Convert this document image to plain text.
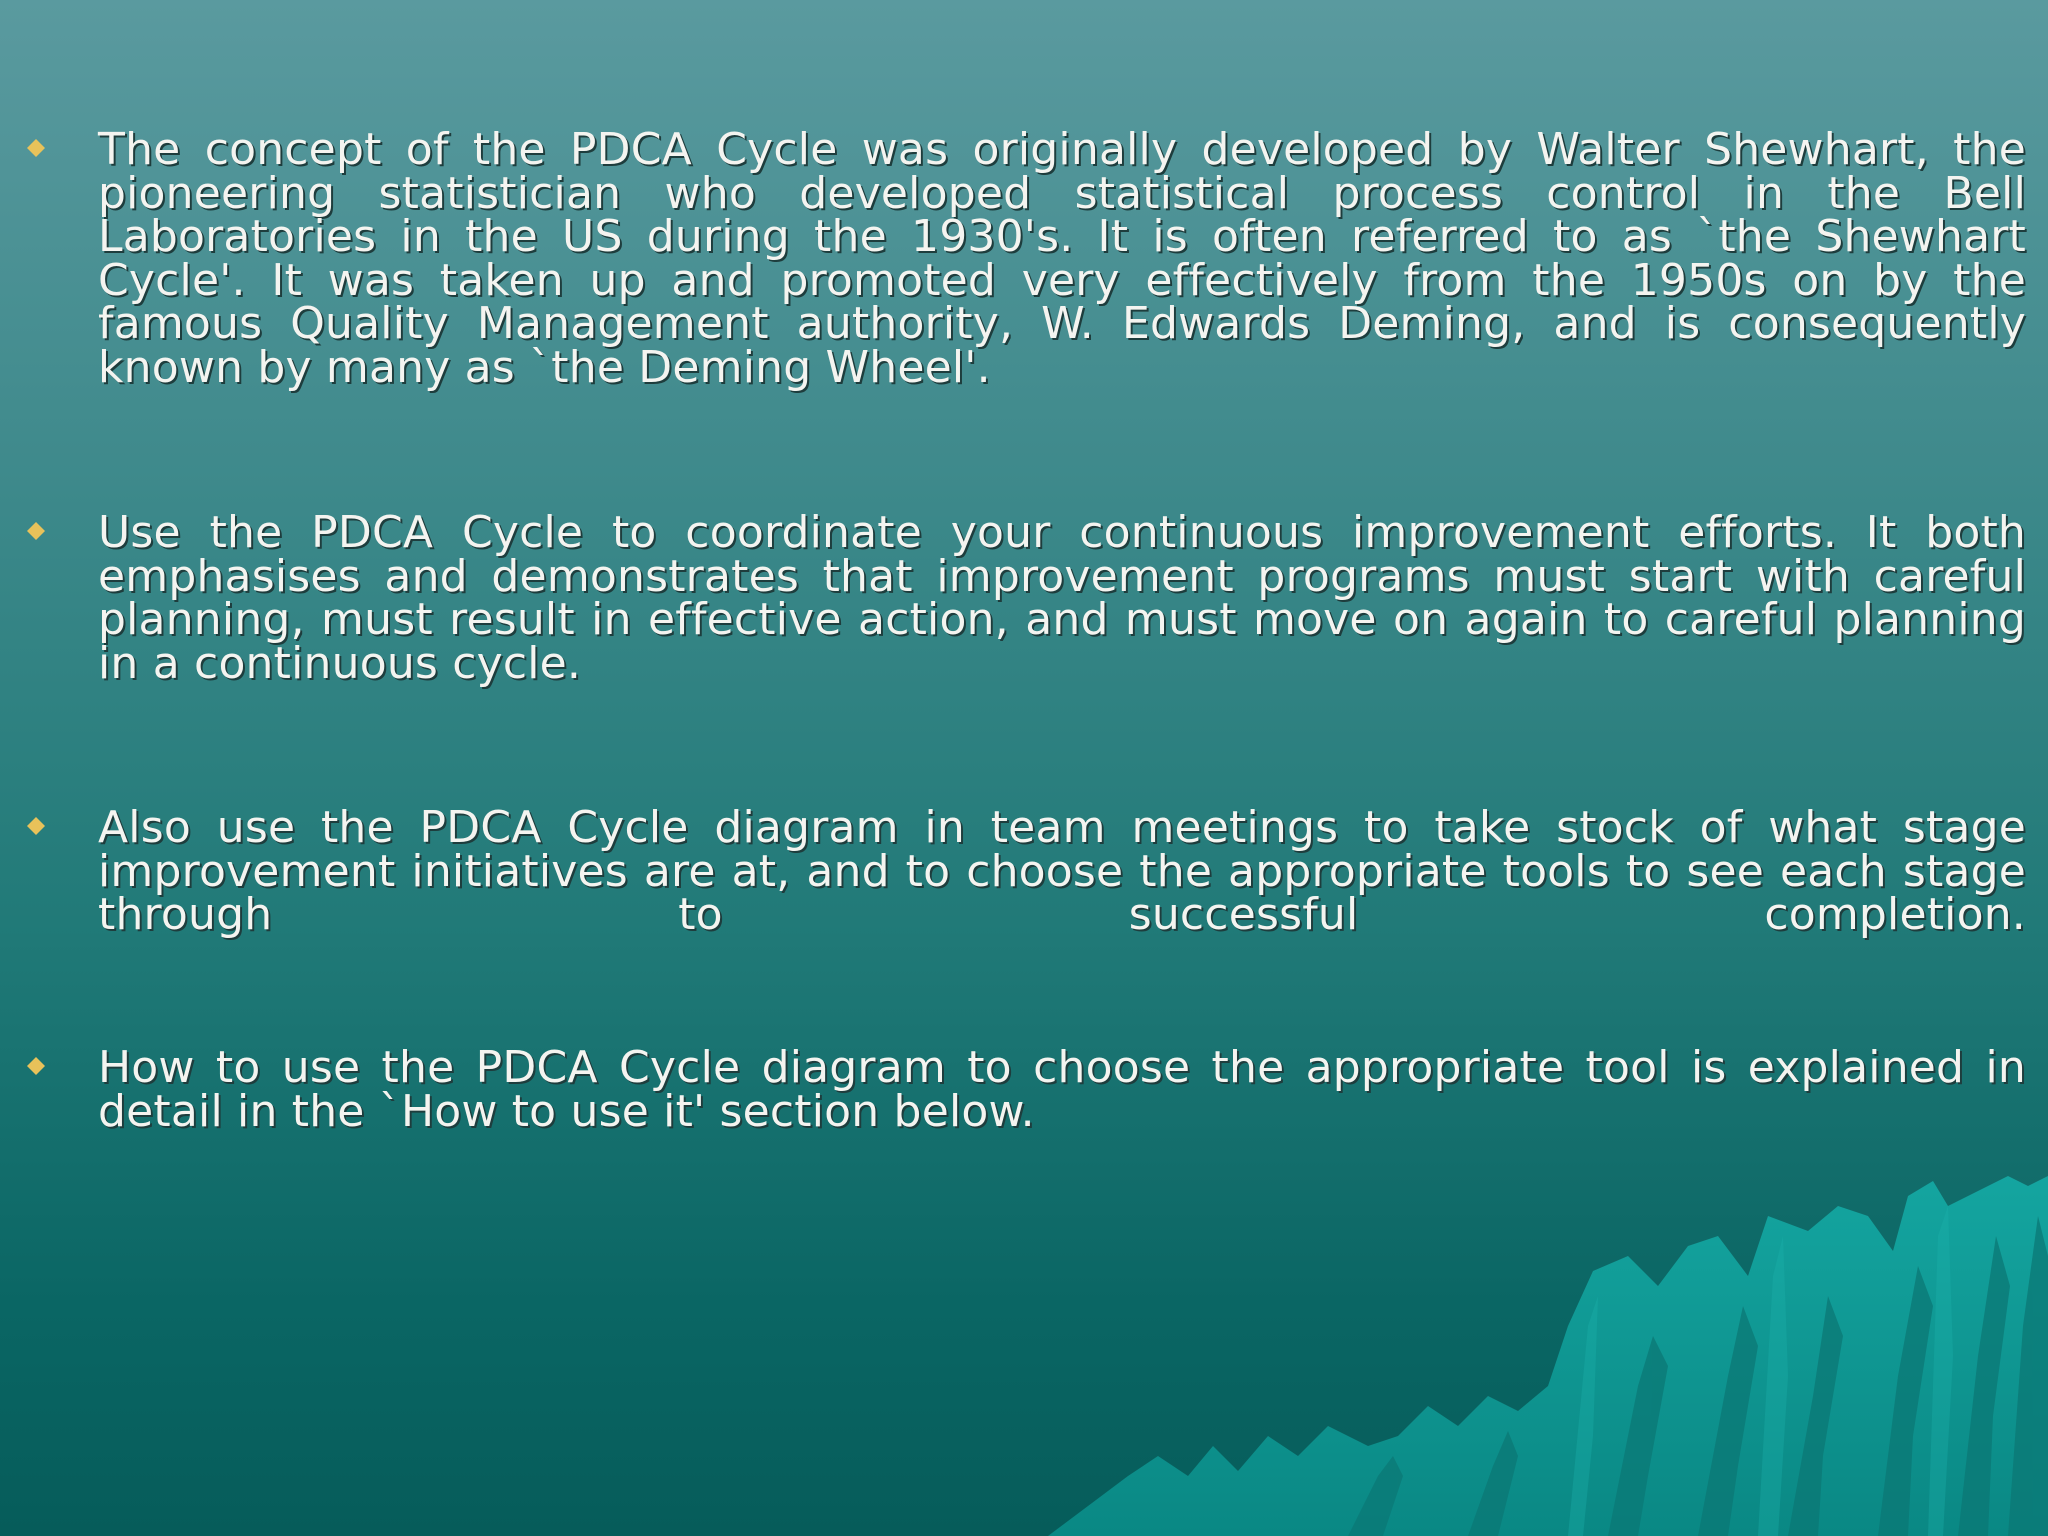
The concept of the PDCA Cycle was originally developed by Walter Shewhart, the pioneering statistician who developed statistical process control in the Bell Laboratories in the US during the 1930's. It is often referred to as `the Shewhart Cycle'. It was taken up and promoted very effectively from the 1950s on by the famous Quality Management authority, W. Edwards Deming, and is consequently known by many as `the Deming Wheel'.
Use the PDCA Cycle to coordinate your continuous improvement efforts. It both emphasises and demonstrates that improvement programs must start with careful planning, must result in effective action, and must move on again to careful planning in a continuous cycle.
Also use the PDCA Cycle diagram in team meetings to take stock of what stage improvement initiatives are at, and to choose the appropriate tools to see each stage through to successful completion.
How to use the PDCA Cycle diagram to choose the appropriate tool is explained in detail in the `How to use it' section below.
